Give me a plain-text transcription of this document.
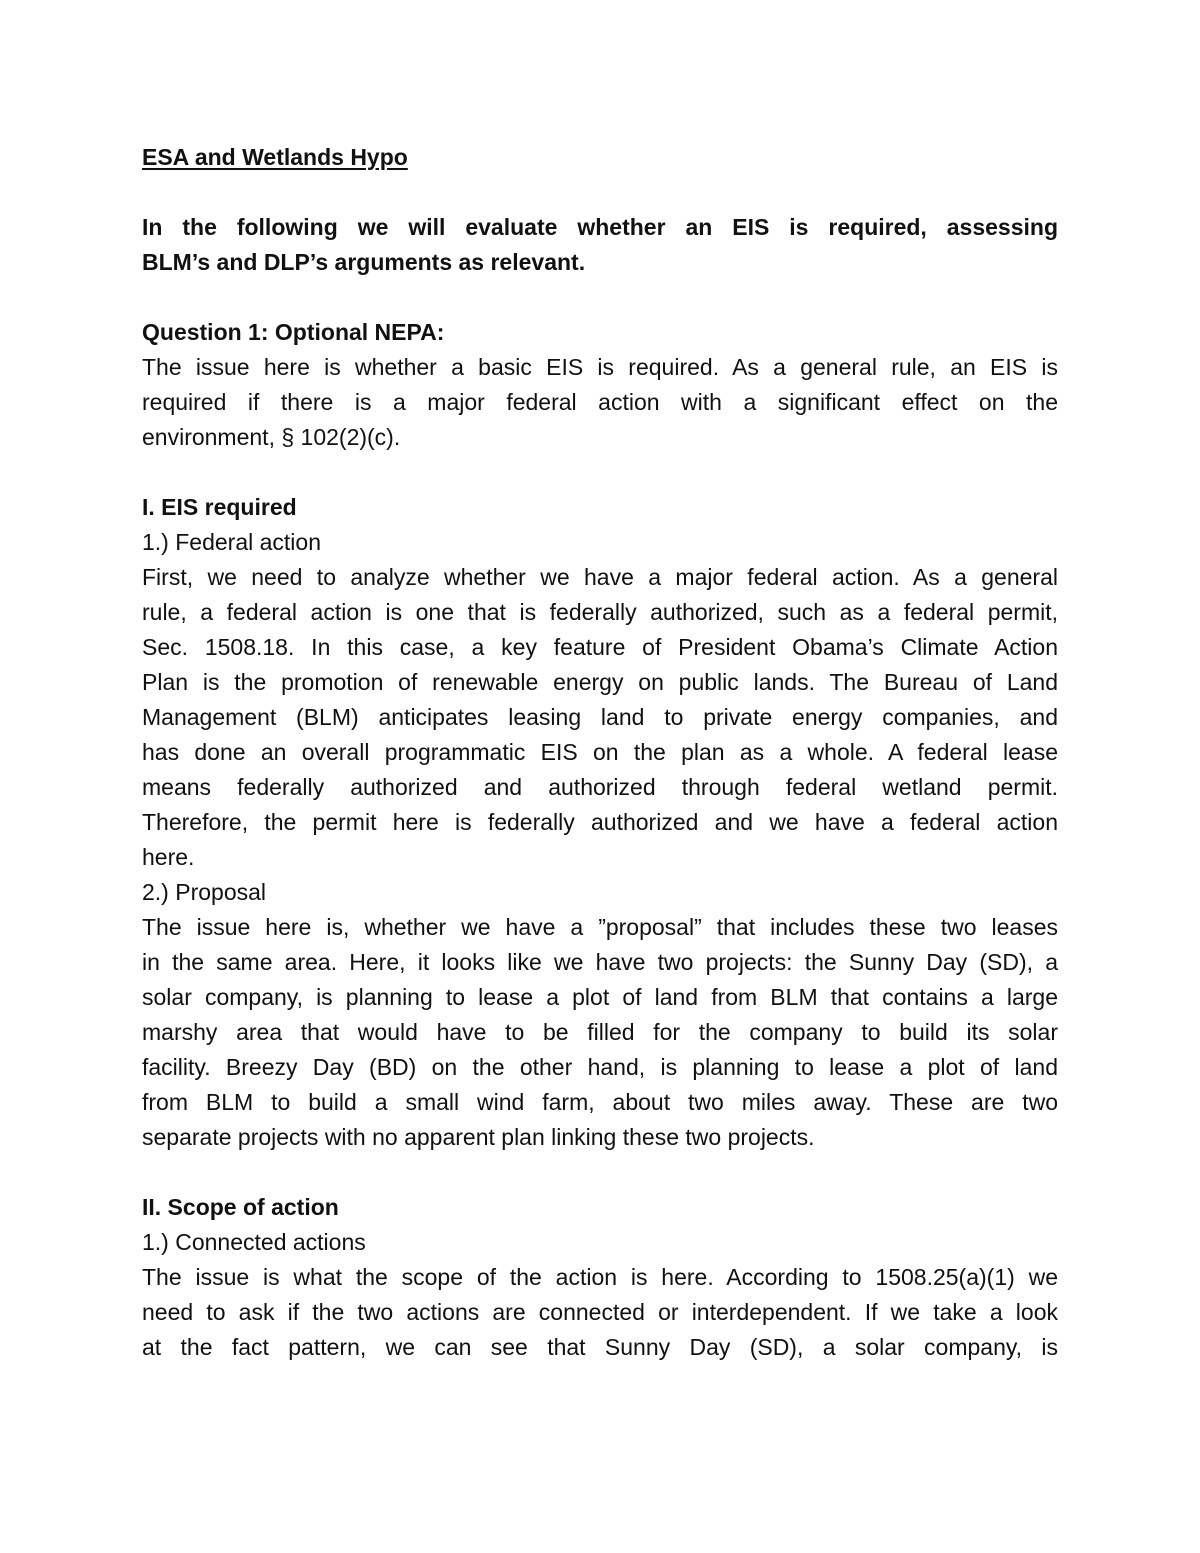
ESA and Wetlands Hypo
In the following we will evaluate whether an EIS is required, assessing
BLM’s and DLP’s arguments as relevant.
Question 1: Optional NEPA:
The issue here is whether a basic EIS is required. As a general rule, an EIS is
required if there is a major federal action with a significant effect on the
environment, § 102(2)(c).
I. EIS required
1.) Federal action
First, we need to analyze whether we have a major federal action. As a general
rule, a federal action is one that is federally authorized, such as a federal permit,
Sec. 1508.18. In this case, a key feature of President Obama’s Climate Action
Plan is the promotion of renewable energy on public lands. The Bureau of Land
Management (BLM) anticipates leasing land to private energy companies, and
has done an overall programmatic EIS on the plan as a whole. A federal lease
means federally authorized and authorized through federal wetland permit.
Therefore, the permit here is federally authorized and we have a federal action
here.
2.) Proposal
The issue here is, whether we have a ”proposal” that includes these two leases
in the same area. Here, it looks like we have two projects: the Sunny Day (SD), a
solar company, is planning to lease a plot of land from BLM that contains a large
marshy area that would have to be filled for the company to build its solar
facility. Breezy Day (BD) on the other hand, is planning to lease a plot of land
from BLM to build a small wind farm, about two miles away. These are two
separate projects with no apparent plan linking these two projects.
II. Scope of action
1.) Connected actions
The issue is what the scope of the action is here. According to 1508.25(a)(1) we
need to ask if the two actions are connected or interdependent. If we take a look
at the fact pattern, we can see that Sunny Day (SD), a solar company, is
